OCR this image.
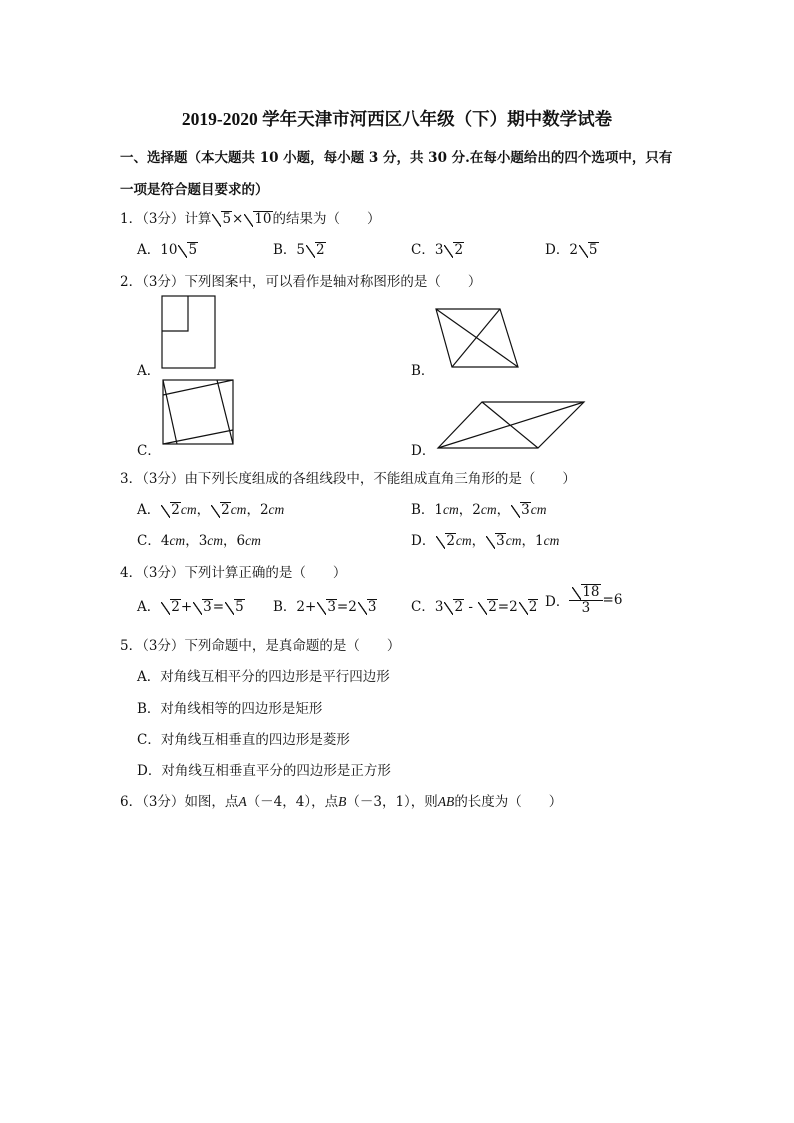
2019-2020 学年天津市河西区八年级（下）期中数学试卷
一、选择题（本大题共 10 小题，每小题 3 分，共 30 分.在每小题给出的四个选项中，只有
一项是符合题目要求的）
1．（3分）计算 5× 10的结果为（　　）
A．10 5	B．5 2	C．3 2	D．2 5
2．（3分）下列图案中，可以看作是轴对称图形的是（　　）
A．	B．
C．	D．
3．（3分）由下列长度组成的各组线段中，不能组成直角三角形的是（　　）
A． 2cm， 2cm，2cm	B．1cm，2cm， 3cm
C．4cm，3cm，6cm	D． 2cm， 3cm，1cm
4．（3分）下列计算正确的是（　　）
A． 2+ 3= 5 B．2+ 3=2 3	C．3 2 - 2=2 2 D． $\frac{18}{3} =6$
5．（3分）下列命题中，是真命题的是（　　）
A．对角线互相平分的四边形是平行四边形
B．对角线相等的四边形是矩形
C．对角线互相垂直的四边形是菱形
D．对角线互相垂直平分的四边形是正方形
6．（3分）如图，点A（－4，4），点B（－3，1），则AB的长度为（　　）
